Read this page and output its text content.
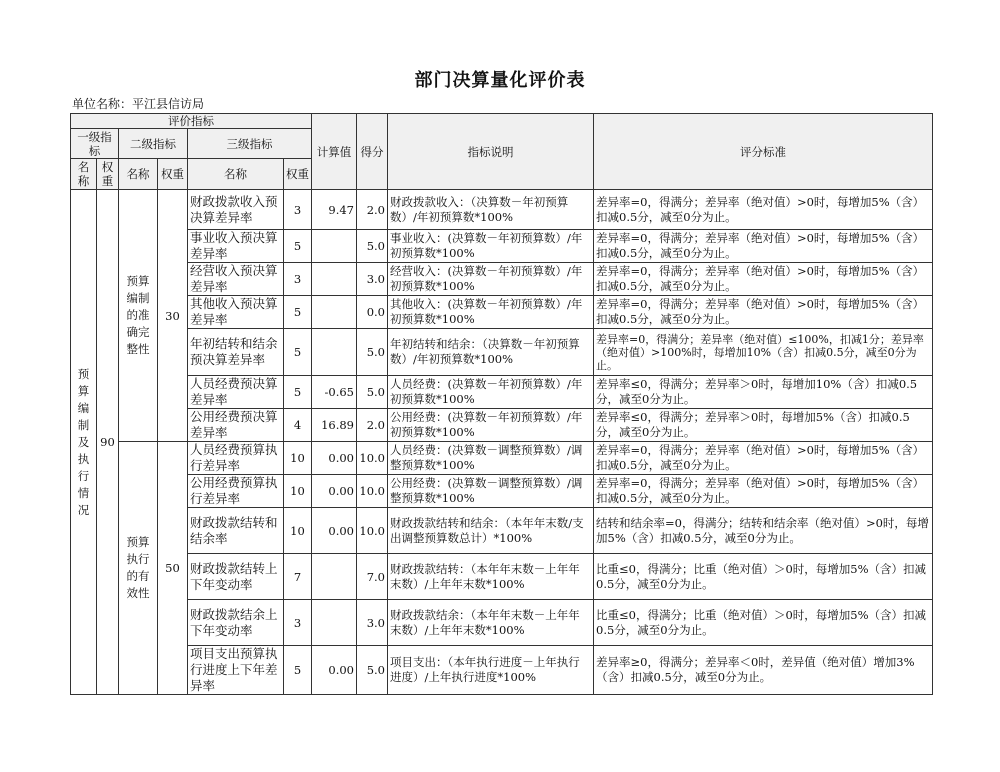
部门决算量化评价表
单位名称：平江县信访局
评价指标						计算值	得分	指标说明	评分标准
一级指标		二级指标		三级指标					
名称	权重	名称	权重	名称	权重				
预算编制及执行情况	90	预算编制的准确完整性	30	财政拨款收入预决算差异率	3	9.47	2.0	财政拨款收入：（决算数－年初预算数）/年初预算数*100%	差异率=0，得满分；差异率（绝对值）>0时，每增加5%（含）扣减0.5分，减至0分为止。
				事业收入预决算差异率	5		5.0	事业收入：(决算数－年初预算数）/年初预算数*100%	差异率=0，得满分；差异率（绝对值）>0时，每增加5%（含）扣减0.5分，减至0分为止。
				经营收入预决算差异率	3		3.0	经营收入：(决算数－年初预算数）/年初预算数*100%	差异率=0，得满分；差异率（绝对值）>0时，每增加5%（含）扣减0.5分，减至0分为止。
				其他收入预决算差异率	5		0.0	其他收入：(决算数－年初预算数）/年初预算数*100%	差异率=0，得满分；差异率（绝对值）>0时，每增加5%（含）扣减0.5分，减至0分为止。
				年初结转和结余预决算差异率	5		5.0	年初结转和结余：（决算数－年初预算数）/年初预算数*100%	差异率=0，得满分；差异率（绝对值）≤100%，扣减1分；差异率（绝对值）>100%时，每增加10%（含）扣减0.5分，减至0分为止。
				人员经费预决算差异率	5	-0.65	5.0	人员经费：(决算数－年初预算数）/年初预算数*100%	差异率≤0，得满分；差异率＞0时，每增加10%（含）扣减0.5分，减至0分为止。
				公用经费预决算差异率	4	16.89	2.0	公用经费：(决算数－年初预算数）/年初预算数*100%	差异率≤0，得满分；差异率＞0时，每增加5%（含）扣减0.5分，减至0分为止。
		预算执行的有效性	50	人员经费预算执行差异率	10	0.00	10.0	人员经费：(决算数－调整预算数）/调整预算数*100%	差异率=0，得满分；差异率（绝对值）>0时，每增加5%（含）扣减0.5分，减至0分为止。
				公用经费预算执行差异率	10	0.00	10.0	公用经费：(决算数－调整预算数）/调整预算数*100%	差异率=0，得满分；差异率（绝对值）>0时，每增加5%（含）扣减0.5分，减至0分为止。
				财政拨款结转和结余率	10	0.00	10.0	财政拨款结转和结余：（本年年末数/支出调整预算数总计）*100%	结转和结余率=0，得满分；结转和结余率（绝对值）>0时，每增加5%（含）扣减0.5分，减至0分为止。
				财政拨款结转上下年变动率	7		7.0	财政拨款结转：（本年年末数－上年年末数）/上年年末数*100%	比重≤0，得满分；比重（绝对值）＞0时，每增加5%（含）扣减0.5分，减至0分为止。
				财政拨款结余上下年变动率	3		3.0	财政拨款结余：（本年年末数－上年年末数）/上年年末数*100%	比重≤0，得满分；比重（绝对值）＞0时，每增加5%（含）扣减0.5分，减至0分为止。
				项目支出预算执行进度上下年差异率	5	0.00	5.0	项目支出：（本年执行进度－上年执行进度）/上年执行进度*100%	差异率≥0，得满分；差异率＜0时，差异值（绝对值）增加3%（含）扣减0.5分，减至0分为止。
